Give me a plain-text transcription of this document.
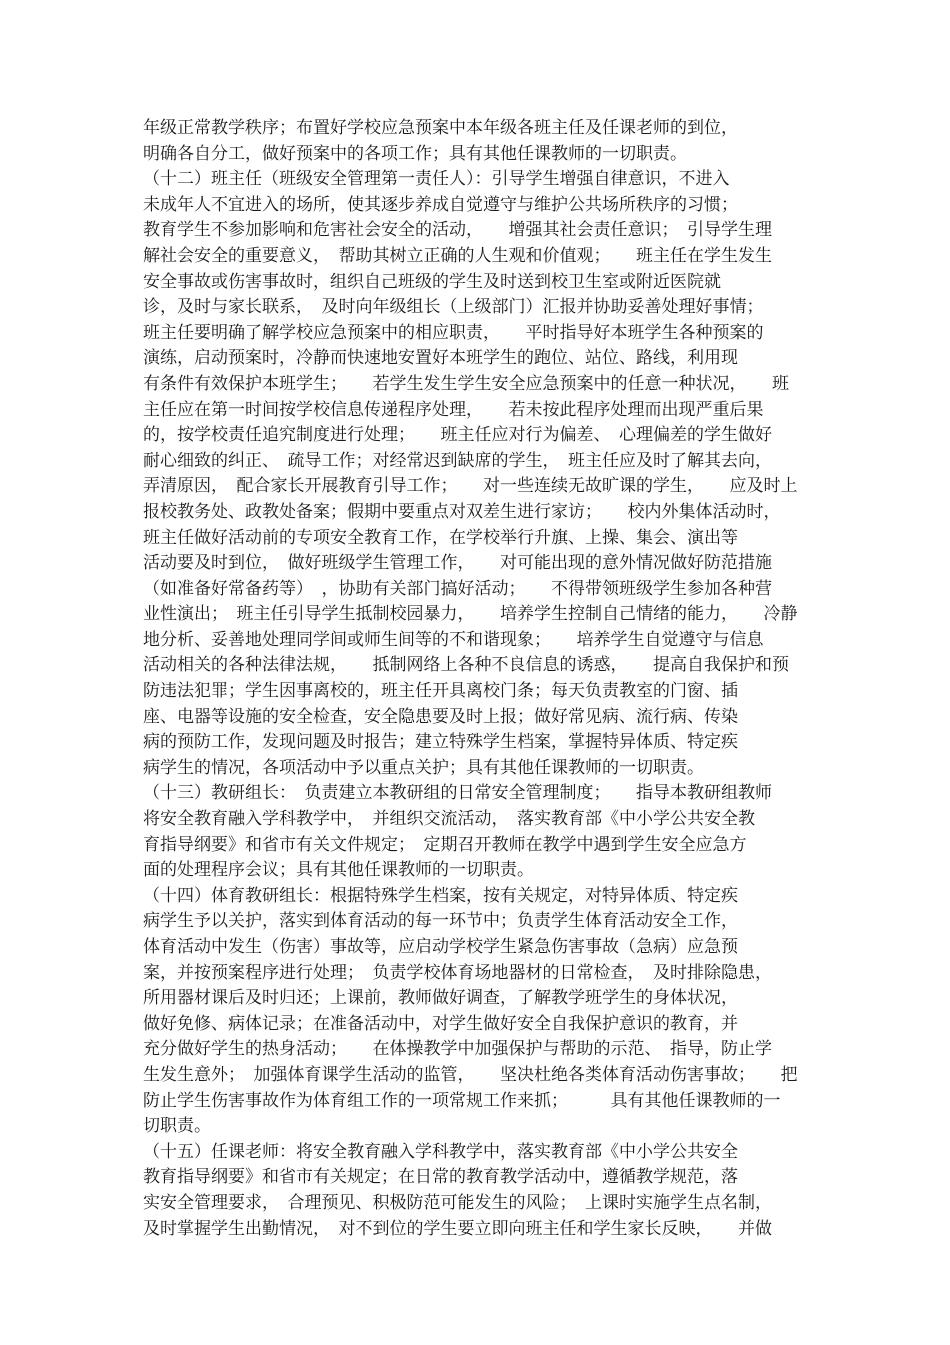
年级正常教学秩序；布置好学校应急预案中本年级各班主任及任课老师的到位，
明确各自分工，做好预案中的各项工作；具有其他任课教师的一切职责。
（十二）班主任（班级安全管理第一责任人）：引导学生增强自律意识，不进入
未成年人不宜进入的场所，使其逐步养成自觉遵守与维护公共场所秩序的习惯；
教育学生不参加影响和危害社会安全的活动，　　增强其社会责任意识；　引导学生理
解社会安全的重要意义，　帮助其树立正确的人生观和价值观；　　班主任在学生发生
安全事故或伤害事故时，组织自己班级的学生及时送到校卫生室或附近医院就
诊，及时与家长联系，　及时向年级组长（上级部门）汇报并协助妥善处理好事情；
班主任要明确了解学校应急预案中的相应职责，　　平时指导好本班学生各种预案的
演练，启动预案时，冷静而快速地安置好本班学生的跑位、站位、路线，利用现
有条件有效保护本班学生；　　若学生发生学生安全应急预案中的任意一种状况，　　班
主任应在第一时间按学校信息传递程序处理，　　若未按此程序处理而出现严重后果
的，按学校责任追究制度进行处理；　　班主任应对行为偏差、　心理偏差的学生做好
耐心细致的纠正、　疏导工作；对经常迟到缺席的学生，　班主任应及时了解其去向，
弄清原因，　配合家长开展教育引导工作；　　对一些连续无故旷课的学生，　　应及时上
报校教务处、政教处备案；假期中要重点对双差生进行家访；　　校内外集体活动时，
班主任做好活动前的专项安全教育工作，在学校举行升旗、上操、集会、演出等
活动要及时到位，　做好班级学生管理工作，　　对可能出现的意外情况做好防范措施
（如准备好常备药等）　，协助有关部门搞好活动；　　不得带领班级学生参加各种营
业性演出；　班主任引导学生抵制校园暴力，　　培养学生控制自己情绪的能力，　　冷静
地分析、妥善地处理同学间或师生间等的不和谐现象；　　培养学生自觉遵守与信息
活动相关的各种法律法规，　　抵制网络上各种不良信息的诱惑，　　提高自我保护和预
防违法犯罪；学生因事离校的，班主任开具离校门条；每天负责教室的门窗、插
座、电器等设施的安全检查，安全隐患要及时上报；做好常见病、流行病、传染
病的预防工作，发现问题及时报告；建立特殊学生档案，掌握特异体质、特定疾
病学生的情况，各项活动中予以重点关护；具有其他任课教师的一切职责。
（十三）教研组长：　负责建立本教研组的日常安全管理制度；　　指导本教研组教师
将安全教育融入学科教学中，　并组织交流活动，　落实教育部《中小学公共安全教
育指导纲要》和省市有关文件规定；　定期召开教师在教学中遇到学生安全应急方
面的处理程序会议；具有其他任课教师的一切职责。
（十四）体育教研组长：根据特殊学生档案，按有关规定，对特异体质、特定疾
病学生予以关护，落实到体育活动的每一环节中；负责学生体育活动安全工作，
体育活动中发生（伤害）事故等，应启动学校学生紧急伤害事故（急病）应急预
案，并按预案程序进行处理；　负责学校体育场地器材的日常检查，　及时排除隐患，
所用器材课后及时归还；上课前，教师做好调查，了解教学班学生的身体状况，
做好免修、病体记录；在准备活动中，对学生做好安全自我保护意识的教育，并
充分做好学生的热身活动；　　在体操教学中加强保护与帮助的示范、　指导，防止学
生发生意外；　加强体育课学生活动的监管，　　坚决杜绝各类体育活动伤害事故；　　把
防止学生伤害事故作为体育组工作的一项常规工作来抓；　　　具有其他任课教师的一
切职责。
（十五）任课老师：将安全教育融入学科教学中，落实教育部《中小学公共安全
教育指导纲要》和省市有关规定；在日常的教育教学活动中，遵循教学规范，落
实安全管理要求，　合理预见、积极防范可能发生的风险；　上课时实施学生点名制，
及时掌握学生出勤情况，　对不到位的学生要立即向班主任和学生家长反映，　　并做
